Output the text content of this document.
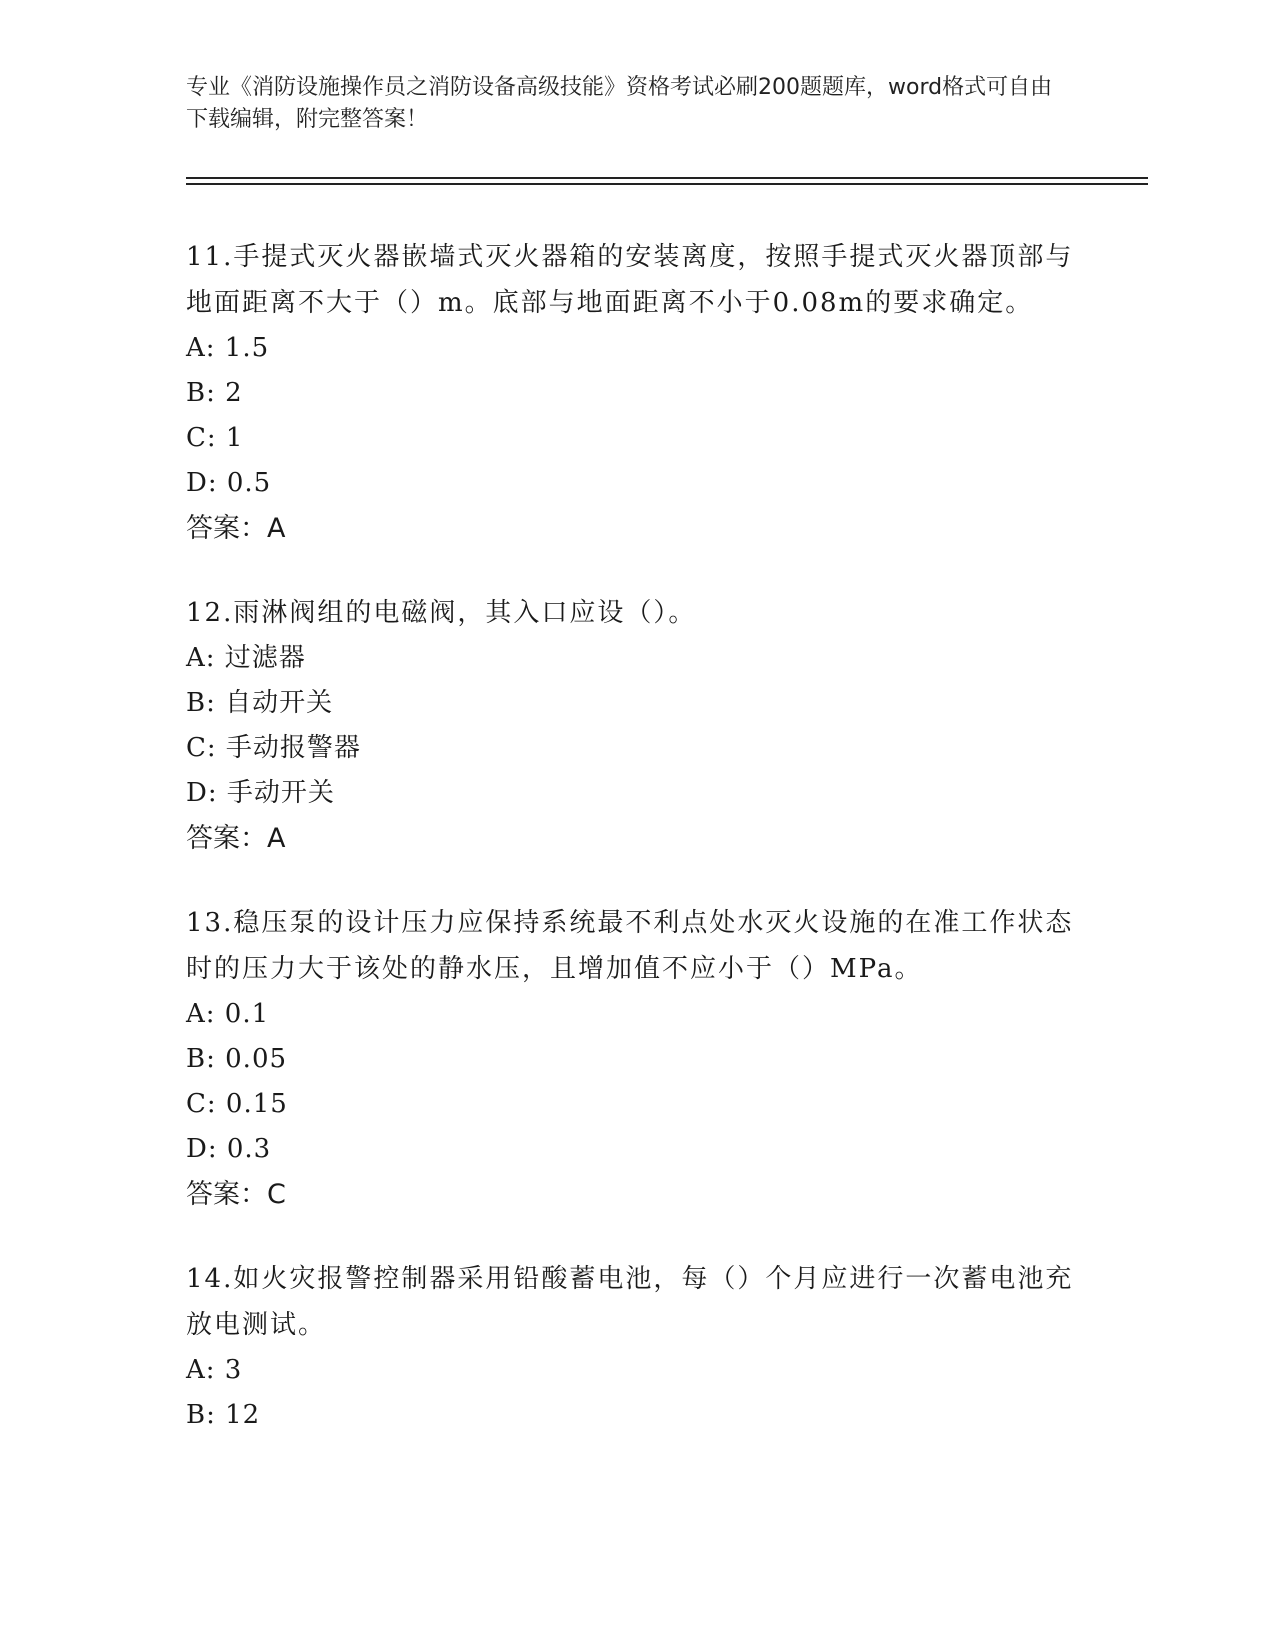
专业《消防设施操作员之消防设备高级技能》资格考试必刷200题题库，word格式可自由下载编辑，附完整答案！
11.手提式灭火器嵌墙式灭火器箱的安装离度，按照手提式灭火器顶部与地面距离不大于（）m。底部与地面距离不小于0.08m的要求确定。
A: 1.5
B: 2
C: 1
D: 0.5
答案：A
12.雨淋阀组的电磁阀，其入口应设（）。
A: 过滤器
B: 自动开关
C: 手动报警器
D: 手动开关
答案：A
13.稳压泵的设计压力应保持系统最不利点处水灭火设施的在准工作状态时的压力大于该处的静水压，且增加值不应小于（）MPa。
A: 0.1
B: 0.05
C: 0.15
D: 0.3
答案：C
14.如火灾报警控制器采用铅酸蓄电池，每（）个月应进行一次蓄电池充放电测试。
A: 3
B: 12
